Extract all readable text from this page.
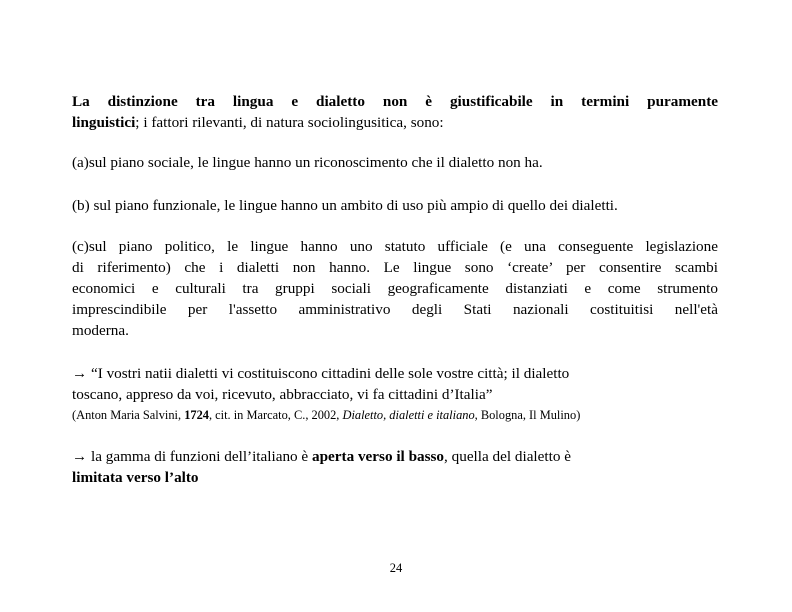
La distinzione tra lingua e dialetto non è giustificabile in termini puramente
linguistici; i fattori rilevanti, di natura sociolingusitica, sono:
(a)sul piano sociale, le lingue hanno un riconoscimento che il dialetto non ha.
(b) sul piano funzionale, le lingue hanno un ambito di uso più ampio di quello dei dialetti.
(c)sul piano politico, le lingue hanno uno statuto ufficiale (e una conseguente legislazione
di riferimento) che i dialetti non hanno. Le lingue sono ‘create’ per consentire scambi
economici e culturali tra gruppi sociali geograficamente distanziati e come strumento
imprescindibile per l'assetto amministrativo degli Stati nazionali costituitisi nell'età
moderna.
→ “I vostri natii dialetti vi costituiscono cittadini delle sole vostre città; il dialetto
toscano, appreso da voi, ricevuto, abbracciato, vi fa cittadini d’Italia”
(Anton Maria Salvini, 1724, cit. in Marcato, C., 2002, Dialetto, dialetti e italiano, Bologna, Il Mulino)
→ la gamma di funzioni dell’italiano è aperta verso il basso, quella del dialetto è
limitata verso l’alto
24
